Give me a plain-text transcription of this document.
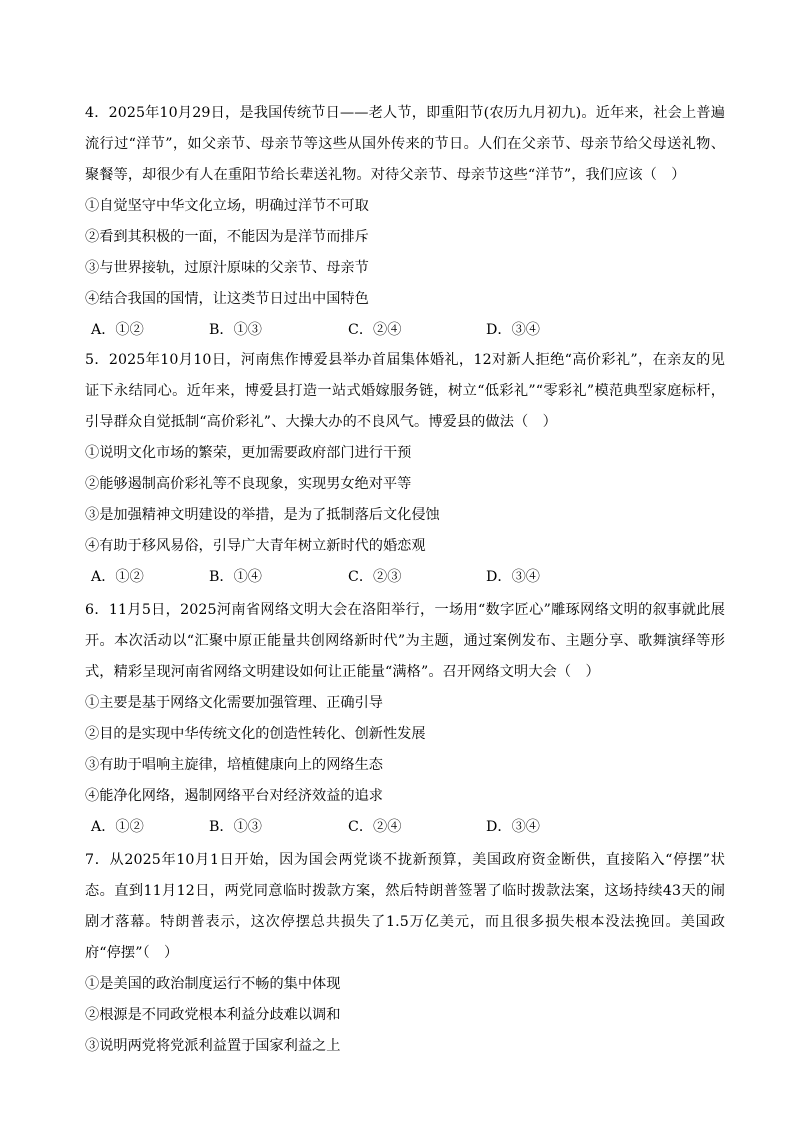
4．2025年10月29日，是我国传统节日——老人节，即重阳节(农历九月初九)。近年来，社会上普遍流行过“洋节”，如父亲节、母亲节等这些从国外传来的节日。人们在父亲节、母亲节给父母送礼物、聚餐等，却很少有人在重阳节给长辈送礼物。对待父亲节、母亲节这些“洋节”，我们应该（　）

①自觉坚守中华文化立场，明确过洋节不可取

②看到其积极的一面，不能因为是洋节而排斥

③与世界接轨，过原汁原味的父亲节、母亲节

④结合我国的国情，让这类节日过出中国特色

A．①②	B．①③	C．②④	D．③④

5．2025年10月10日，河南焦作博爱县举办首届集体婚礼，12对新人拒绝“高价彩礼”，在亲友的见证下永结同心。近年来，博爱县打造一站式婚嫁服务链，树立“低彩礼”“零彩礼”模范典型家庭标杆，引导群众自觉抵制“高价彩礼”、大操大办的不良风气。博爱县的做法（　）

①说明文化市场的繁荣，更加需要政府部门进行干预

②能够遏制高价彩礼等不良现象，实现男女绝对平等

③是加强精神文明建设的举措，是为了抵制落后文化侵蚀

④有助于移风易俗，引导广大青年树立新时代的婚恋观

A．①②	B．①④	C．②③	D．③④

6．11月5日，2025河南省网络文明大会在洛阳举行，一场用“数字匠心”雕琢网络文明的叙事就此展开。本次活动以“汇聚中原正能量共创网络新时代”为主题，通过案例发布、主题分享、歌舞演绎等形式，精彩呈现河南省网络文明建设如何让正能量“满格”。召开网络文明大会（　）

①主要是基于网络文化需要加强管理、正确引导

②目的是实现中华传统文化的创造性转化、创新性发展

③有助于唱响主旋律，培植健康向上的网络生态

④能净化网络，遏制网络平台对经济效益的追求

A．①②	B．①③	C．②④	D．③④

7．从2025年10月1日开始，因为国会两党谈不拢新预算，美国政府资金断供，直接陷入“停摆”状态。直到11月12日，两党同意临时拨款方案，然后特朗普签署了临时拨款法案，这场持续43天的闹剧才落幕。特朗普表示，这次停摆总共损失了1.5万亿美元，而且很多损失根本没法挽回。美国政府“停摆”（　）

①是美国的政治制度运行不畅的集中体现

②根源是不同政党根本利益分歧难以调和

③说明两党将党派利益置于国家利益之上
